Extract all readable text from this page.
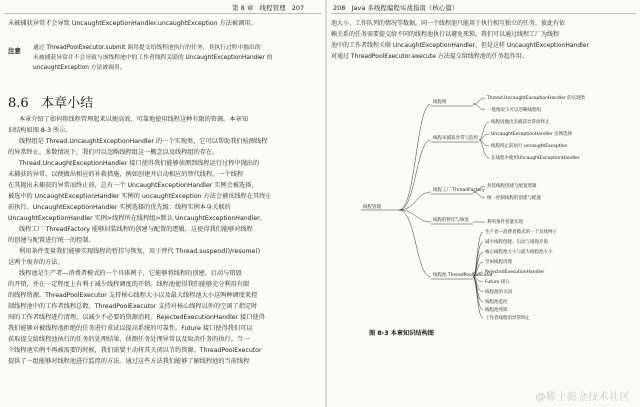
第 8 章 线程管理 207
未被捕获异常才会导致 UncaughtExceptionHandler.uncaughtException 方法被调用。
注意 通过 ThreadPoolExecutor.submit 调用提交给线程池执行的任务，其执行过程中抛出的

未被捕获异常并不会导致与该线程池中的工作者线程关联的 UncaughtExceptionHandler 的

uncaughtException 方法被调用。

8.6 本章小结

本章介绍了如何将线程管理起来以便高效、可靠地使用线程这种有限的资源。本章知

识结构如图 8-3 所示。

线程组是 Thread.UncaughtExceptionHandler 的一个实现类，它可以帮助我们检测线程

的异常终止。多数情况下，我们可以忽略线程组这一概念以及线程组的存在。

Thread.UncaughtExceptionHandler 接口使得我们能够侦测到线程运行过程中抛出的

未捕获的异常，以便做出相应的补救措施，例如创建并启动相应的替代线程。一个线程

在其抛出未捕获的异常而终止前，总有一个 UncaughtExceptionHandler 实例会被选择，

被选中的 UncaughtExceptionHandler 实例的 uncaughtException 方法会被该线程在其终止

前执行。UncaughtExceptionHandler 实例选择的优先级：线程实例本身关联的

UncaughtExceptionHandler 实例>线程所在线程组>默认 UncaughtExceptionHandler。

线程工厂 ThreadFactory 能够封装线程的创建与配置的逻辑，这使得我们能够对线程

的创建与配置进行统一的控制。

利用条件变量我们能够实现线程的暂挂与恢复，用于替代 Thread.suspend()/resume()

这两个废弃的方法。

线程池是生产者—消费者模式的一个具体例子，它能够将线程的创建、启动与销毁

的开销，并在一定程度上有利于减少线程调度的开销。线程池使得我们能够充分利用有限

的线程资源。ThreadPoolExecutor 支持核心线程大小以及最大线程池大小这两种调度来控

制线程池中的工作者线程总数。ThreadPoolExecutor 支持对核心线程以外的空闲了指定时

间的工作者线程进行清理，以减少不必要的资源消耗。RejectedExecutionHandler 接口使得

我们能够对被线程池拒绝的任务进行重试以提高系统的可靠性。Future 接口使得我们可以

获取提交给线程池执行的任务的处理结果、侦测任务处理异常以及取消任务的执行。当一

个线程池实例不再被需要的时候，我们需要主动将其关闭以节约资源。ThreadPoolExecutor

提供了一组能够对线程池进行监控的方法。通过这些方法我们能够了解线程池的当前线程

208 Java 多线程编程实战指南（核心篇）

池大小、工作队列的情况等数据。同一个线程池只能用于执行相互独立的任务，彼此有依

赖关系的任务需要提交给不同的线程池执行以避免死锁。我们可以通过线程工厂为线程

池中的工作者线程关联 UncaughtExceptionHandler，但是这样 UncaughtExceptionHandler

对通过 ThreadPoolExecutor.execute 方法提交给线程池的任务起作用。

线程管理
线程组
线程未捕获异常与监控
线程工厂 ThreadFactory
线程的暂挂与恢复
线程池 ThreadPoolExecutor
Thread.UncaughtExceptionHandler 的实现类
一般情况下可以忽略线程组
线程因抛出未捕获异常而终止
UncaughtExceptionHandler 实例选择
线程终止前执行 uncaughtException
在线程中使用UncaughtExceptionHandler
封装线程创建与配置逻辑
统一控制线程的创建与配置
利用条件变量实现
生产者—消费者模式的一个具体例子
减少线程创建、启动与销毁开销
核心线程池大小与最大线程池大小
空闲线程清理
RejectedExecutionHandler
Future 接口
线程池的关闭
线程池监控
线程池死锁
工作者线程的异常终止
图 8-3 本章知识结构图
@稀土掘金技术社区
